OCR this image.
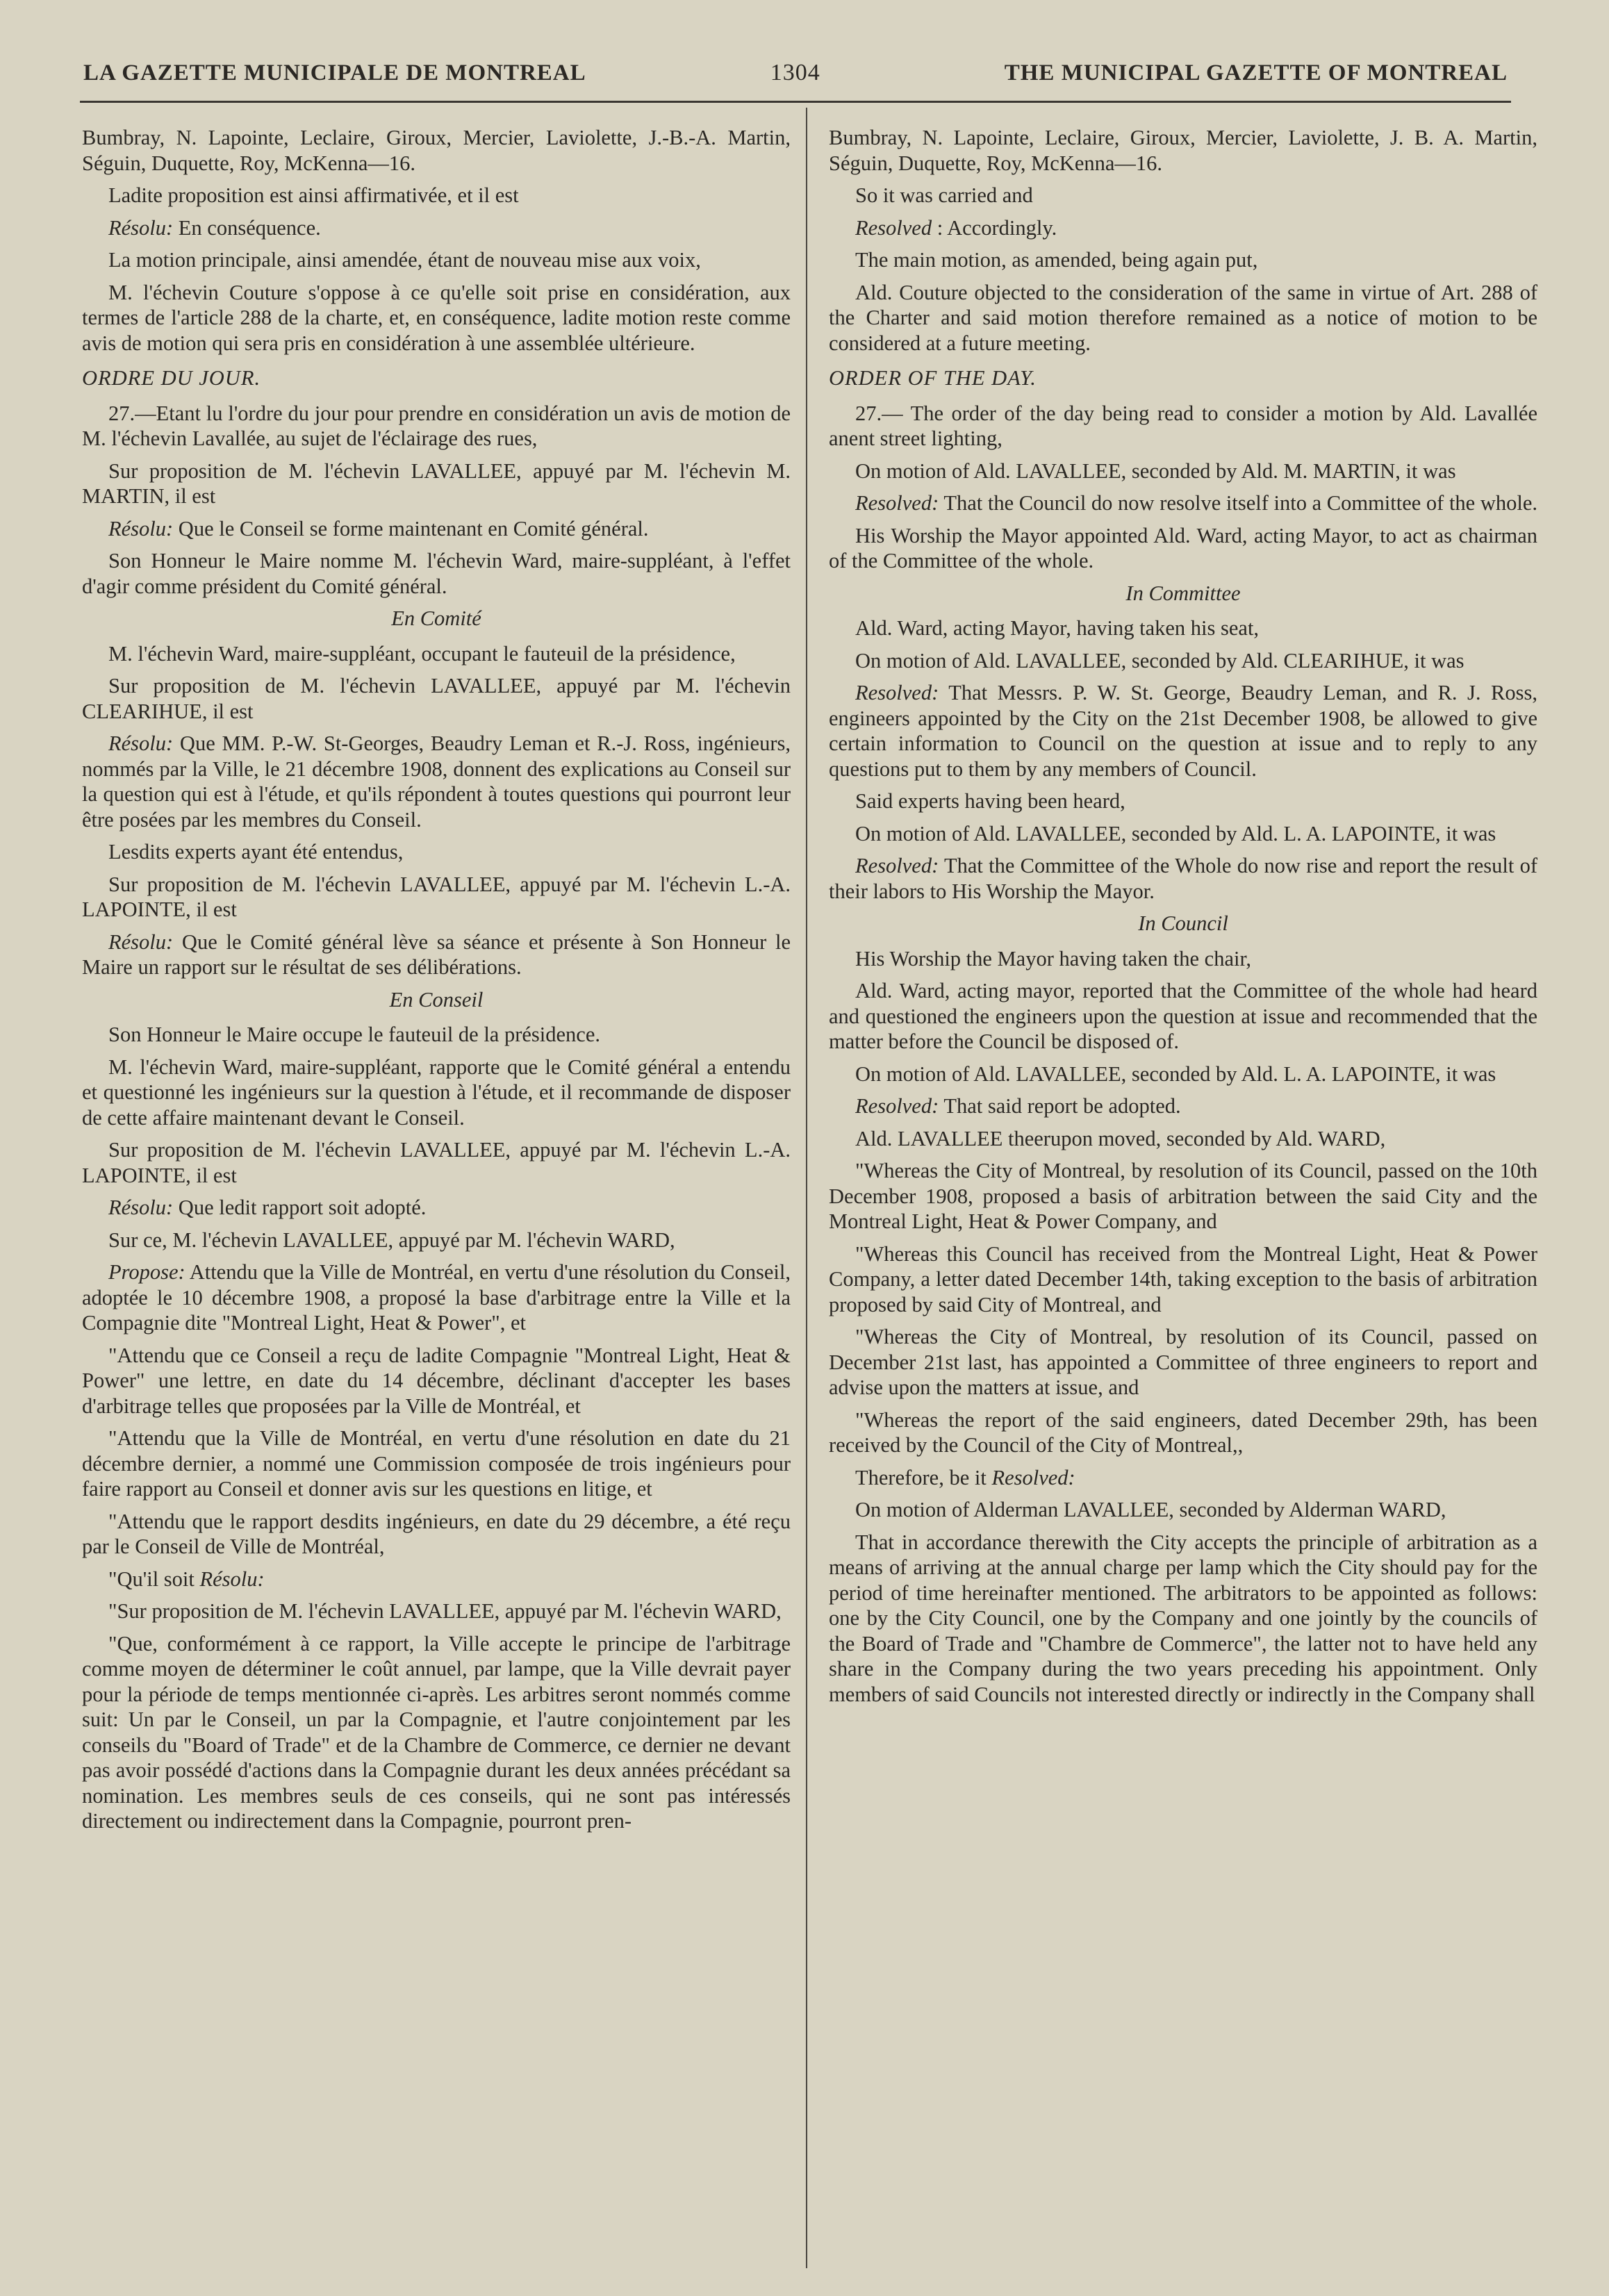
LA GAZETTE MUNICIPALE DE MONTREAL	1304	THE MUNICIPAL GAZETTE OF MONTREAL

Bumbray, N. Lapointe, Leclaire, Giroux, Mercier, Laviolette, J.-B.-A. Martin, Séguin, Duquette, Roy, McKenna—16.

Ladite proposition est ainsi affirmativée, et il est

Résolu: En conséquence.

La motion principale, ainsi amendée, étant de nouveau mise aux voix,

M. l'échevin Couture s'oppose à ce qu'elle soit prise en considération, aux termes de l'article 288 de la charte, et, en conséquence, ladite motion reste comme avis de motion qui sera pris en considération à une assemblée ultérieure.

ORDRE DU JOUR.

27.—Etant lu l'ordre du jour pour prendre en considération un avis de motion de M. l'échevin Lavallée, au sujet de l'éclairage des rues,

Sur proposition de M. l'échevin LAVALLEE, appuyé par M. l'échevin M. MARTIN, il est

Résolu: Que le Conseil se forme maintenant en Comité général.

Son Honneur le Maire nomme M. l'échevin Ward, maire-suppléant, à l'effet d'agir comme président du Comité général.

En Comité

M. l'échevin Ward, maire-suppléant, occupant le fauteuil de la présidence,

Sur proposition de M. l'échevin LAVALLEE, appuyé par M. l'échevin CLEARIHUE, il est

Résolu: Que MM. P.-W. St-Georges, Beaudry Leman et R.-J. Ross, ingénieurs, nommés par la Ville, le 21 décembre 1908, donnent des explications au Conseil sur la question qui est à l'étude, et qu'ils répondent à toutes questions qui pourront leur être posées par les membres du Conseil.

Lesdits experts ayant été entendus,

Sur proposition de M. l'échevin LAVALLEE, appuyé par M. l'échevin L.-A. LAPOINTE, il est

Résolu: Que le Comité général lève sa séance et présente à Son Honneur le Maire un rapport sur le résultat de ses délibérations.

En Conseil

Son Honneur le Maire occupe le fauteuil de la présidence.

M. l'échevin Ward, maire-suppléant, rapporte que le Comité général a entendu et questionné les ingénieurs sur la question à l'étude, et il recommande de disposer de cette affaire maintenant devant le Conseil.

Sur proposition de M. l'échevin LAVALLEE, appuyé par M. l'échevin L.-A. LAPOINTE, il est

Résolu: Que ledit rapport soit adopté.

Sur ce, M. l'échevin LAVALLEE, appuyé par M. l'échevin WARD,

Propose: Attendu que la Ville de Montréal, en vertu d'une résolution du Conseil, adoptée le 10 décembre 1908, a proposé la base d'arbitrage entre la Ville et la Compagnie dite "Montreal Light, Heat & Power", et

"Attendu que ce Conseil a reçu de ladite Compagnie "Montreal Light, Heat & Power" une lettre, en date du 14 décembre, déclinant d'accepter les bases d'arbitrage telles que proposées par la Ville de Montréal, et

"Attendu que la Ville de Montréal, en vertu d'une résolution en date du 21 décembre dernier, a nommé une Commission composée de trois ingénieurs pour faire rapport au Conseil et donner avis sur les questions en litige, et

"Attendu que le rapport desdits ingénieurs, en date du 29 décembre, a été reçu par le Conseil de Ville de Montréal,

"Qu'il soit Résolu:

"Sur proposition de M. l'échevin LAVALLEE, appuyé par M. l'échevin WARD,

"Que, conformément à ce rapport, la Ville accepte le principe de l'arbitrage comme moyen de déterminer le coût annuel, par lampe, que la Ville devrait payer pour la période de temps mentionnée ci-après. Les arbitres seront nommés comme suit: Un par le Conseil, un par la Compagnie, et l'autre conjointement par les conseils du "Board of Trade" et de la Chambre de Commerce, ce dernier ne devant pas avoir possédé d'actions dans la Compagnie durant les deux années précédant sa nomination. Les membres seuls de ces conseils, qui ne sont pas intéressés directement ou indirectement dans la Compagnie, pourront pren-

Bumbray, N. Lapointe, Leclaire, Giroux, Mercier, Laviolette, J. B. A. Martin, Séguin, Duquette, Roy, McKenna—16.

So it was carried and

Resolved : Accordingly.

The main motion, as amended, being again put,

Ald. Couture objected to the consideration of the same in virtue of Art. 288 of the Charter and said motion therefore remained as a notice of motion to be considered at a future meeting.

ORDER OF THE DAY.

27.— The order of the day being read to consider a motion by Ald. Lavallée anent street lighting,

On motion of Ald. LAVALLEE, seconded by Ald. M. MARTIN, it was

Resolved: That the Council do now resolve itself into a Committee of the whole.

His Worship the Mayor appointed Ald. Ward, acting Mayor, to act as chairman of the Committee of the whole.

In Committee

Ald. Ward, acting Mayor, having taken his seat,

On motion of Ald. LAVALLEE, seconded by Ald. CLEARIHUE, it was

Resolved: That Messrs. P. W. St. George, Beaudry Leman, and R. J. Ross, engineers appointed by the City on the 21st December 1908, be allowed to give certain information to Council on the question at issue and to reply to any questions put to them by any members of Council.

Said experts having been heard,

On motion of Ald. LAVALLEE, seconded by Ald. L. A. LAPOINTE, it was

Resolved: That the Committee of the Whole do now rise and report the result of their labors to His Worship the Mayor.

In Council

His Worship the Mayor having taken the chair,

Ald. Ward, acting mayor, reported that the Committee of the whole had heard and questioned the engineers upon the question at issue and recommended that the matter before the Council be disposed of.

On motion of Ald. LAVALLEE, seconded by Ald. L. A. LAPOINTE, it was

Resolved: That said report be adopted.

Ald. LAVALLEE theerupon moved, seconded by Ald. WARD,

"Whereas the City of Montreal, by resolution of its Council, passed on the 10th December 1908, proposed a basis of arbitration between the said City and the Montreal Light, Heat & Power Company, and

"Whereas this Council has received from the Montreal Light, Heat & Power Company, a letter dated December 14th, taking exception to the basis of arbitration proposed by said City of Montreal, and

"Whereas the City of Montreal, by resolution of its Council, passed on December 21st last, has appointed a Committee of three engineers to report and advise upon the matters at issue, and

"Whereas the report of the said engineers, dated December 29th, has been received by the Council of the City of Montreal,,

Therefore, be it Resolved:

On motion of Alderman LAVALLEE, seconded by Alderman WARD,

That in accordance therewith the City accepts the principle of arbitration as a means of arriving at the annual charge per lamp which the City should pay for the period of time hereinafter mentioned. The arbitrators to be appointed as follows: one by the City Council, one by the Company and one jointly by the councils of the Board of Trade and "Chambre de Commerce", the latter not to have held any share in the Company during the two years preceding his appointment. Only members of said Councils not interested directly or indirectly in the Company shall
